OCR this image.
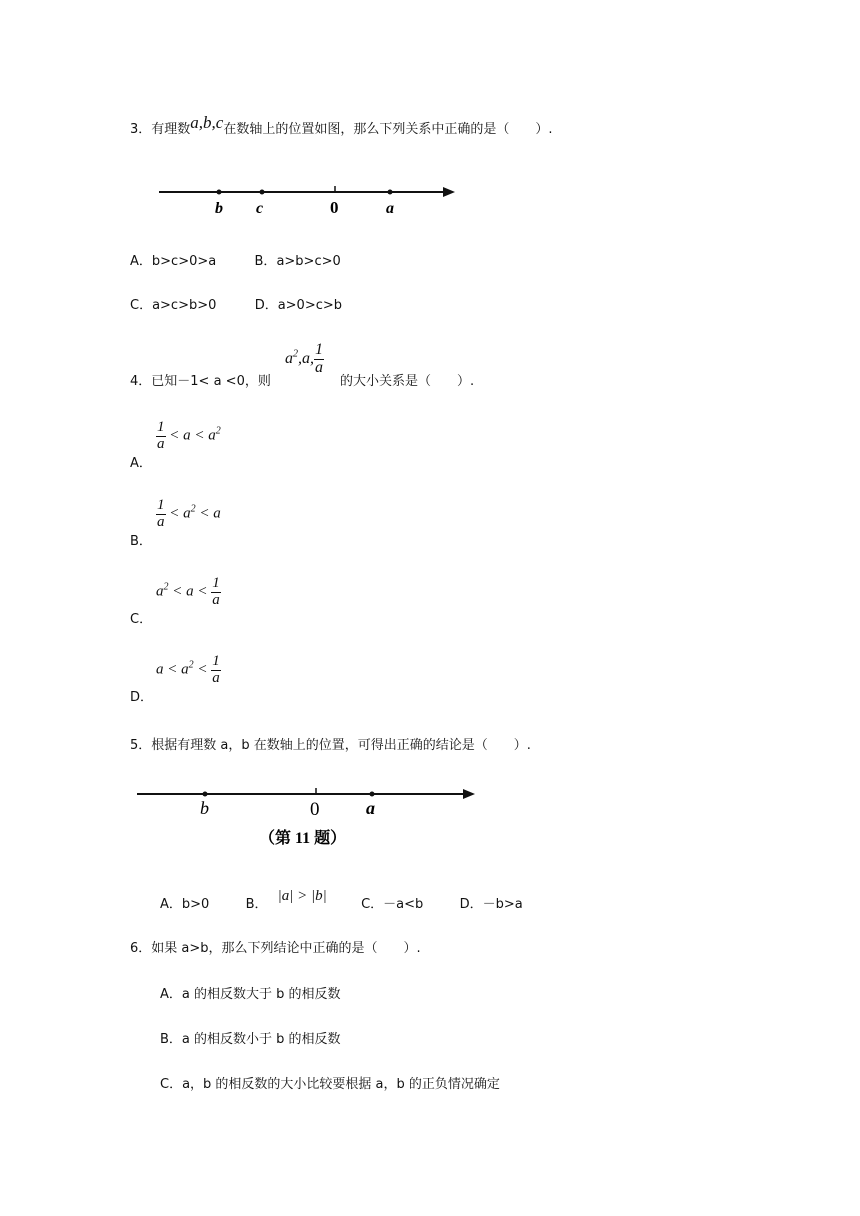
3．有理数a,b,c在数轴上的位置如图，那么下列关系中正确的是（　　）.
b c	0	a
A．b>c>0>a	B．a>b>c>0
C．a>c>b>0	D．a>0>c>b
4．已知－1< a <0，则
$a^2,a$, $\frac{1}{a}$
的大小关系是（　　）.
A．
$\frac{1}{a} < a < a^2$
B．
$\frac{1}{a} < a^2 < a$
C．
$a^2 < a < \frac{1}{a}$
D．
$a < a^2 < \frac{1}{a}$
5．根据有理数 a，b 在数轴上的位置，可得出正确的结论是（　　）.
b	0	a
（第 11 题）
A．b>0	B． |a| > |b|  C．－a<b	D．－b>a
6．如果 a>b，那么下列结论中正确的是（　　）.
A．a 的相反数大于 b 的相反数
B．a 的相反数小于 b 的相反数
C．a，b 的相反数的大小比较要根据 a，b 的正负情况确定
